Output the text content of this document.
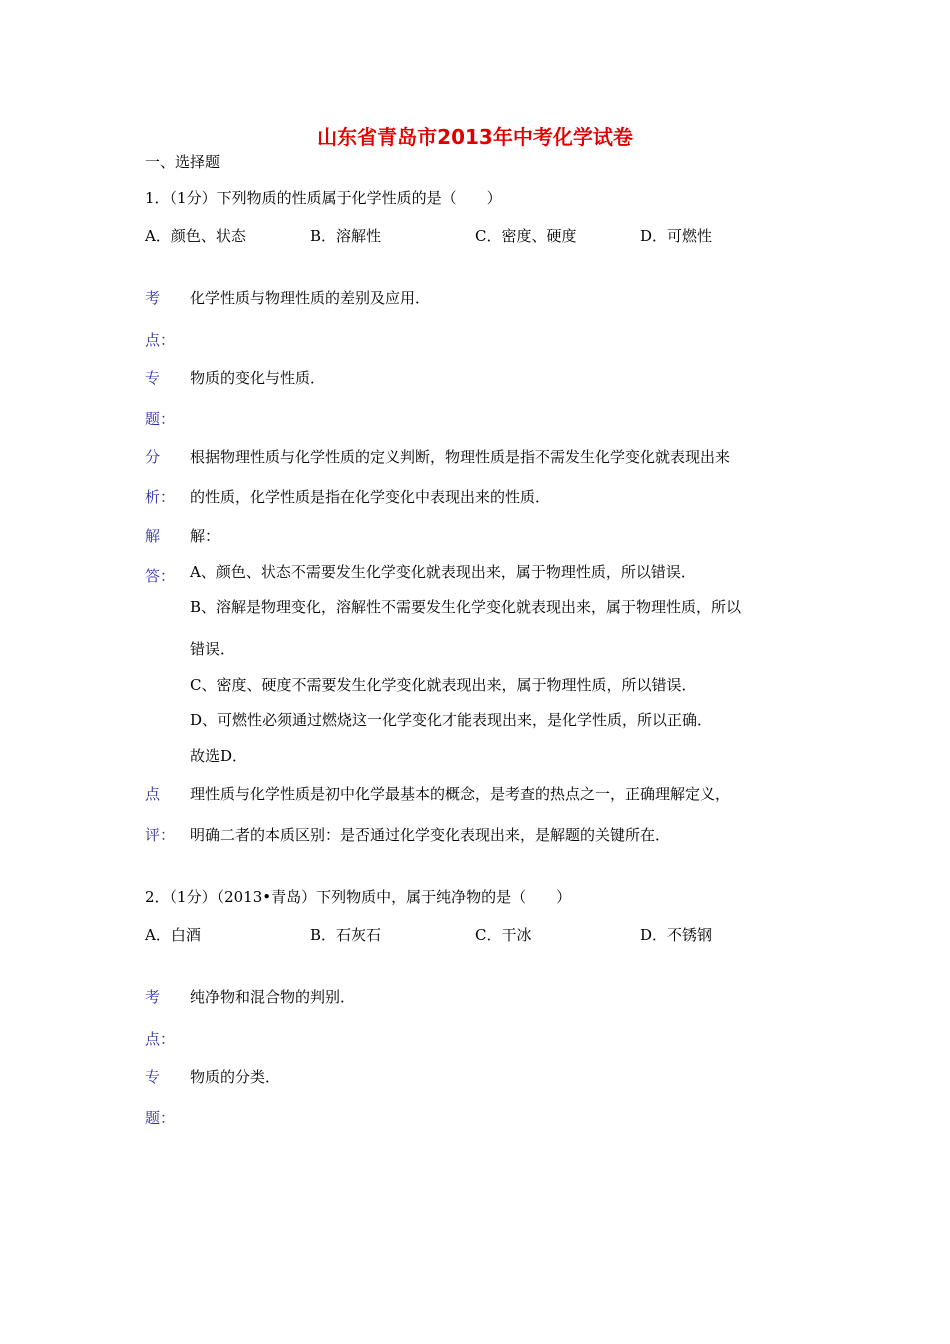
山东省青岛市2013年中考化学试卷
一、选择题
1．（1分）下列物质的性质属于化学性质的是（　　）
A．颜色、状态	B．溶解性	C．密度、硬度	D．可燃性
考 化学性质与物理性质的差别及应用．
点：
专 物质的变化与性质．
题：
分 根据物理性质与化学性质的定义判断，物理性质是指不需发生化学变化就表现出来
析： 的性质，化学性质是指在化学变化中表现出来的性质．
解 解：
答： A、颜色、状态不需要发生化学变化就表现出来，属于物理性质，所以错误．
B、溶解是物理变化，溶解性不需要发生化学变化就表现出来，属于物理性质，所以
错误．
C、密度、硬度不需要发生化学变化就表现出来，属于物理性质，所以错误．
D、可燃性必须通过燃烧这一化学变化才能表现出来，是化学性质，所以正确．
故选D．
点 理性质与化学性质是初中化学最基本的概念，是考查的热点之一，正确理解定义，
评： 明确二者的本质区别：是否通过化学变化表现出来，是解题的关键所在．
2．（1分）（2013•青岛）下列物质中，属于纯净物的是（　　）
A．白酒	B．石灰石	C．干冰	D．不锈钢
考 纯净物和混合物的判别．
点：
专 物质的分类．
题：
